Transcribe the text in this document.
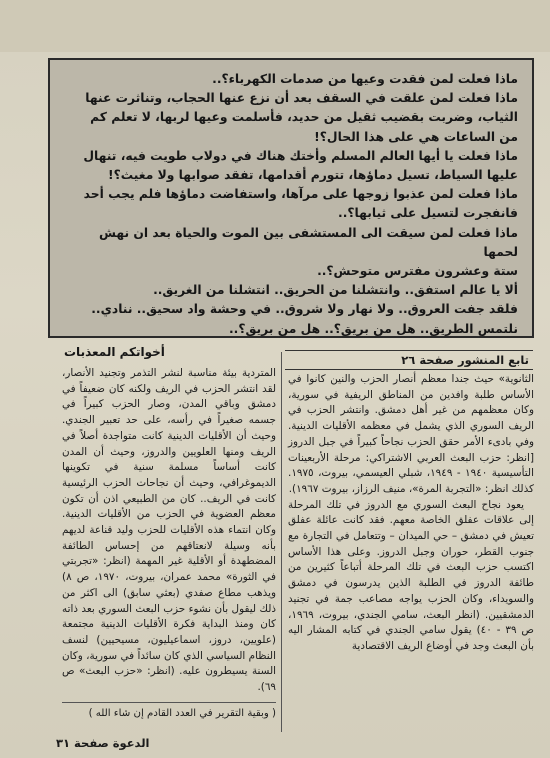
ماذا فعلت لمن فقدت وعيها من صدمات الكهرباء؟..

ماذا فعلت لمن علقت في السقف بعد أن نزع عنها الحجاب، وتناثرت عنها

الثياب، وضربت بقضيب ثقيل من حديد، فأسلمت وعيها لربها، لا تعلم كم

من الساعات هي على هذا الحال؟!

ماذا فعلت يا أيها العالم المسلم وأختك هناك في دولاب طويت فيه، تنهال

عليها السياط، تسيل دماؤها، تتورم أقدامها، تفقد صوابها ولا مغيث؟!

ماذا فعلت لمن عذبوا زوجها على مرآها، واستفاضت دماؤها فلم يجب أحد

فانفجرت لتسيل على ثيابها؟..

ماذا فعلت لمن سيقت الى المستشفى بين الموت والحياة بعد ان نهش لحمها

ستة وعشرون مفترس متوحش؟..

ألا يا عالم استفق.. وانتشلنا من الحريق.. انتشلنا من الغريق..

فلقد جفت العروق.. ولا نهار ولا شروق.. في وحشة واد سحيق.. ننادي..

نلتمس الطريق.. هل من بريق؟.. هل من بريق؟..

أخواتكم المعذبات
تابع المنشور صفحة ٢٦

الثانوية» حيث جندا معظم أنصار الحزب والنين كانوا في الأساس طلبة وافدين من المناطق الريفية في سورية، وكان معظمهم من غير أهل دمشق. وانتشر الحزب في الريف السوري الذي يشمل في معظمه الأقليات الدينية. وفي بادىء الأمر حقق الحزب نجاحاً كبيراً في جبل الدروز [انظر: حزب البعث العربي الاشتراكي: مرحلة الأربعينات التأسيسية ١٩٤٠ - ١٩٤٩، شبلي العيسمي، بيروت، ١٩٧٥. كذلك انظر: «التجربة المرة»، منيف الرزاز، بيروت ١٩٦٧).

يعود نجاح البعث السوري مع الدروز في تلك المرحلة إلى علاقات عفلق الخاصة معهم. فقد كانت عائلة عفلق تعيش في دمشق – حي الميدان – وتتعامل في التجارة مع جنوب القطر، حوران وجبل الدروز. وعلى هذا الأساس اكتسب حزب البعث في تلك المرحلة أتباعاً كثيرين من طائفة الدروز في الطلبة الذين يدرسون في دمشق والسويداء، وكان الحزب يواجه مصاعب جمة في تجنيد الدمشقيين. (انظر البعث، سامي الجندي، بيروت، ١٩٦٩، ص ٣٩ - ٤٠) يقول سامي الجندي في كتابه المشار اليه بأن البعث وجد في أوضاع الريف الاقتصادية

المتردية بيئة مناسبة لنشر التذمر وتجنيد الأنصار، لقد انتشر الحزب في الريف ولكنه كان ضعيفاً في دمشق وباقي المدن، وصار الحزب كبيراً في جسمه صغيراً في رأسه، على حد تعبير الجندي. وحيث أن الأقليات الدينية كانت متواجدة أصلاً في الريف ومنها العلويين والدروز، وحيث أن المدن كانت أساساً مسلمة سنية في تكوينها الديموغرافي، وحيث أن نجاحات الحزب الرئيسية كانت في الريف.. كان من الطبيعي اذن أن تكون معظم العضوية في الحزب من الأقليات الدينية. وكان انتماء هذه الأقليات للحزب وليد قناعة لديهم بأنه وسيلة لانعتاقهم من إحساس الطائفة المضطهدة أو الأقلية غير المهمة (انظر: «تجربتي في الثورة» محمد عمران، بيروت، ١٩٧٠، ص ٨) ويذهب مطاع صفدي (بعثي سابق) الى اكثر من ذلك ليقول بأن نشوء حزب البعث السوري بعد ذاته كان ومنذ البداية فكرة الأقليات الدينية مجتمعة (علويين، دروز، اسماعيليون، مسيحيين) لنسف النظام السياسي الذي كان سائداً في سورية، وكان السنة يسيطرون عليه. (انظر: «حزب البعث» ص ٦٩).

( وبقية التقرير في العدد القادم إن شاء الله )

الدعوة صفحة ٣١
